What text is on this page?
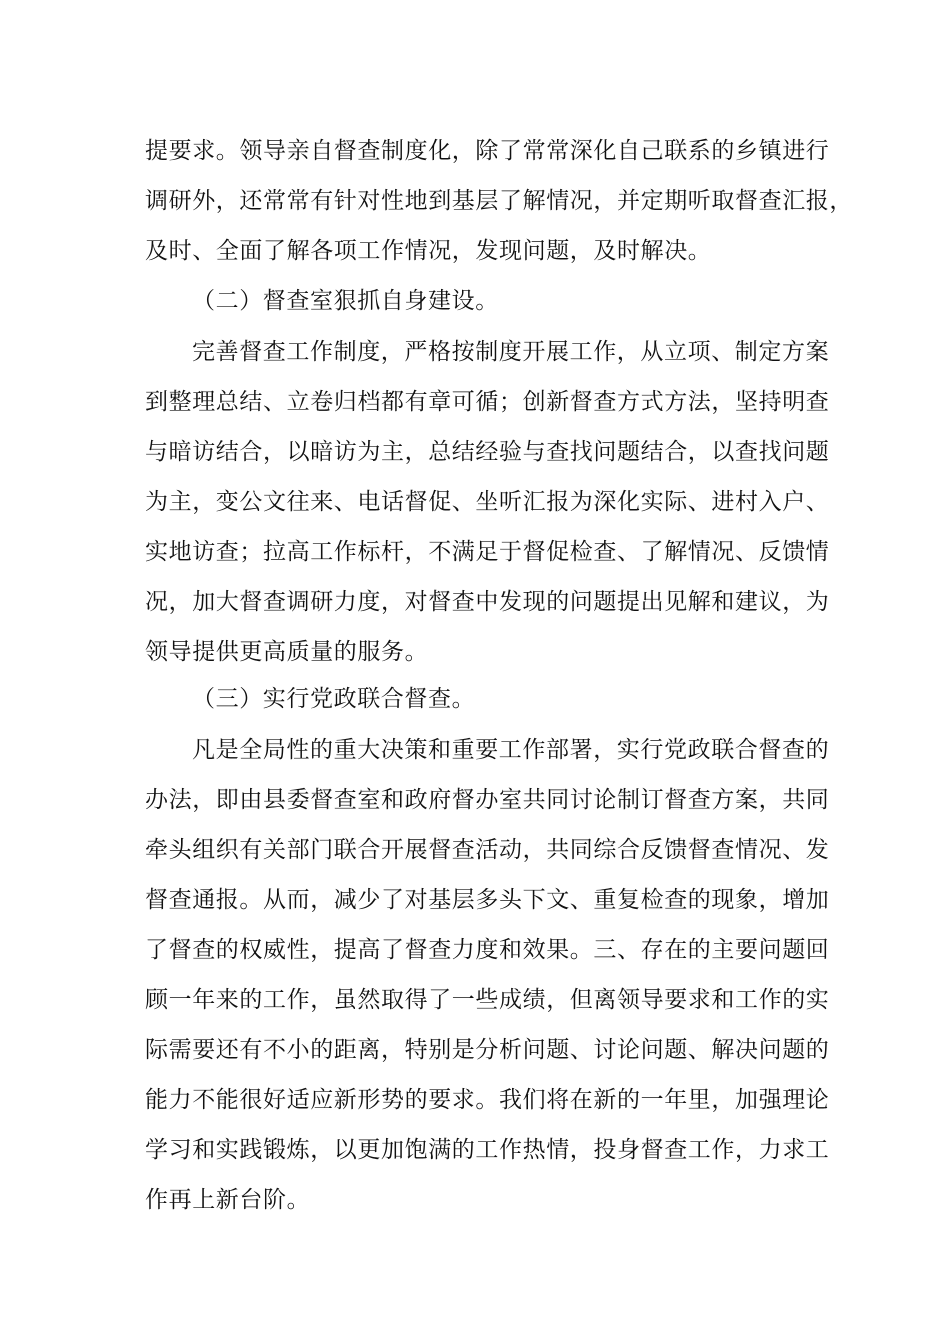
提要求。领导亲自督查制度化，除了常常深化自己联系的乡镇进行
调研外，还常常有针对性地到基层了解情况，并定期听取督查汇报，
及时、全面了解各项工作情况，发现问题，及时解决。
（二）督查室狠抓自身建设。
完善督查工作制度，严格按制度开展工作，从立项、制定方案
到整理总结、立卷归档都有章可循；创新督查方式方法，坚持明查
与暗访结合，以暗访为主，总结经验与查找问题结合，以查找问题
为主，变公文往来、电话督促、坐听汇报为深化实际、进村入户、
实地访查；拉高工作标杆，不满足于督促检查、了解情况、反馈情
况，加大督查调研力度，对督查中发现的问题提出见解和建议，为
领导提供更高质量的服务。
（三）实行党政联合督查。
凡是全局性的重大决策和重要工作部署，实行党政联合督查的
办法，即由县委督查室和政府督办室共同讨论制订督查方案，共同
牵头组织有关部门联合开展督查活动，共同综合反馈督查情况、发
督查通报。从而，减少了对基层多头下文、重复检查的现象，增加
了督查的权威性，提高了督查力度和效果。三、存在的主要问题回
顾一年来的工作，虽然取得了一些成绩，但离领导要求和工作的实
际需要还有不小的距离，特别是分析问题、讨论问题、解决问题的
能力不能很好适应新形势的要求。我们将在新的一年里，加强理论
学习和实践锻炼，以更加饱满的工作热情，投身督查工作，力求工
作再上新台阶。
